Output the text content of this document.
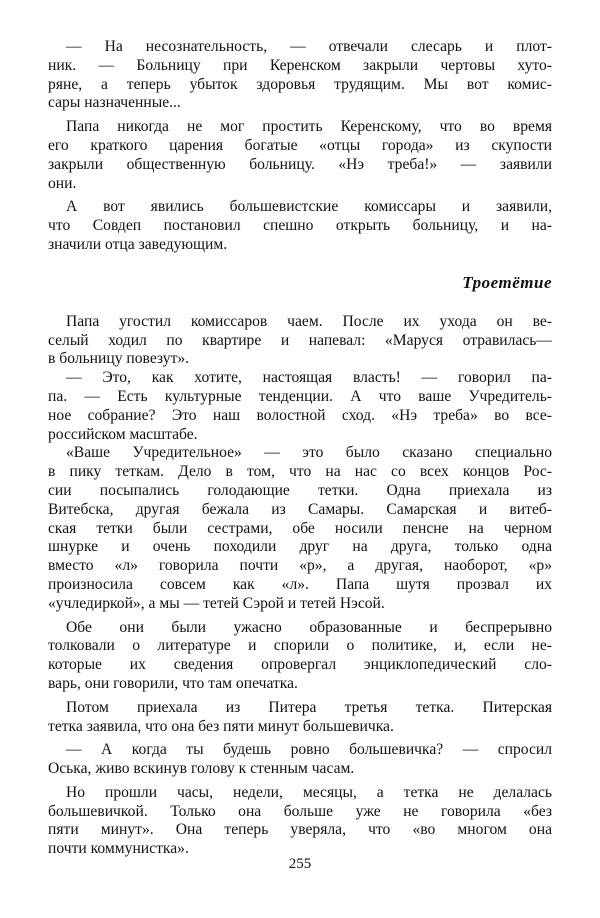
— На несознательность, — отвечали слесарь и плот-
ник. — Больницу при Керенском закрыли чертовы хуто-
ряне, а теперь убыток здоровья трудящим. Мы вот комис-
сары назначенные...

Папа никогда не мог простить Керенскому, что во время
его краткого царения богатые «отцы города» из скупости
закрыли общественную больницу. «Нэ треба!» — заявили
они.

А вот явились большевистские комиссары и заявили,
что Совдеп постановил спешно открыть больницу, и на-
значили отца заведующим.

Троетётие

Папа угостил комиссаров чаем. После их ухода он ве-
селый ходил по квартире и напевал: «Маруся отравилась—
в больницу повезут».

— Это, как хотите, настоящая власть! — говорил па-
па. — Есть культурные тенденции. А что ваше Учредитель-
ное собрание? Это наш волостной сход. «Нэ треба» во все-
российском масштабе.

«Ваше Учредительное» — это было сказано специально
в пику теткам. Дело в том, что на нас со всех концов Рос-
сии посыпались голодающие тетки. Одна приехала из
Витебска, другая бежала из Самары. Самарская и витеб-
ская тетки были сестрами, обе носили пенсне на черном
шнурке и очень походили друг на друга, только одна
вместо «л» говорила почти «р», а другая, наоборот, «р»
произносила совсем как «л». Папа шутя прозвал их
«учледиркой», а мы — тетей Сэрой и тетей Нэсой.

Обе они были ужасно образованные и беспрерывно
толковали о литературе и спорили о политике, и, если не-
которые их сведения опровергал энциклопедический сло-
варь, они говорили, что там опечатка.

Потом приехала из Питера третья тетка. Питерская
тетка заявила, что она без пяти минут большевичка.

— А когда ты будешь ровно большевичка? — спросил
Оська, живо вскинув голову к стенным часам.

Но прошли часы, недели, месяцы, а тетка не делалась
большевичкой. Только она больше уже не говорила «без
пяти минут». Она теперь уверяла, что «во многом она
почти коммунистка».

255
